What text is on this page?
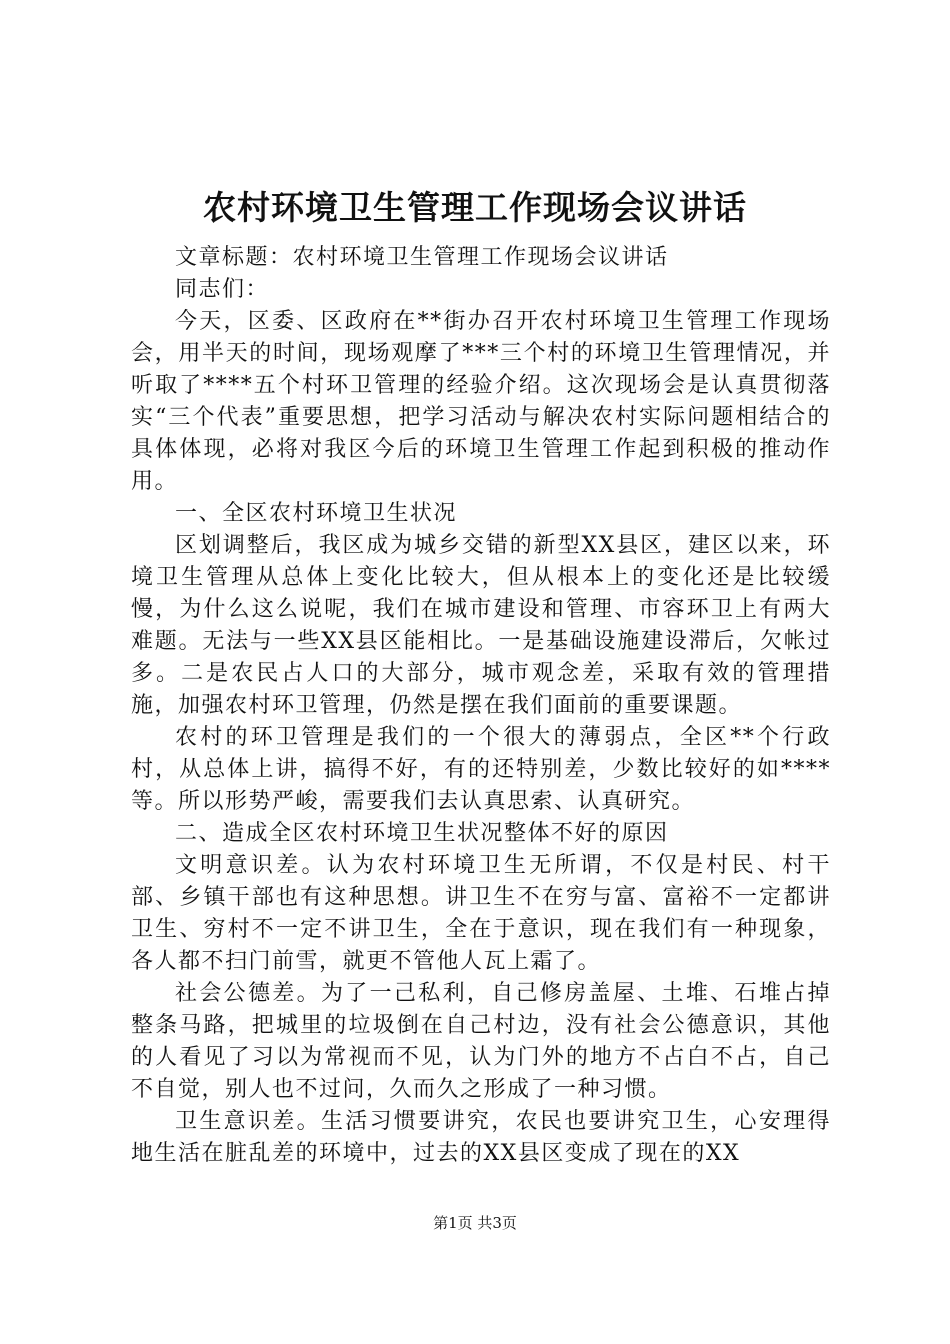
农村环境卫生管理工作现场会议讲话

文章标题：农村环境卫生管理工作现场会议讲话

同志们：

今天，区委、区政府在**街办召开农村环境卫生管理工作现场会，用半天的时间，现场观摩了***三个村的环境卫生管理情况，并听取了****五个村环卫管理的经验介绍。这次现场会是认真贯彻落实“三个代表”重要思想，把学习活动与解决农村实际问题相结合的具体体现，必将对我区今后的环境卫生管理工作起到积极的推动作用。

一、全区农村环境卫生状况

区划调整后，我区成为城乡交错的新型XX县区，建区以来，环境卫生管理从总体上变化比较大，但从根本上的变化还是比较缓慢，为什么这么说呢，我们在城市建设和管理、市容环卫上有两大难题。无法与一些XX县区能相比。一是基础设施建设滞后，欠帐过多。二是农民占人口的大部分，城市观念差，采取有效的管理措施，加强农村环卫管理，仍然是摆在我们面前的重要课题。

农村的环卫管理是我们的一个很大的薄弱点，全区**个行政村，从总体上讲，搞得不好，有的还特别差，少数比较好的如****等。所以形势严峻，需要我们去认真思索、认真研究。

二、造成全区农村环境卫生状况整体不好的原因

文明意识差。认为农村环境卫生无所谓，不仅是村民、村干部、乡镇干部也有这种思想。讲卫生不在穷与富、富裕不一定都讲卫生、穷村不一定不讲卫生，全在于意识，现在我们有一种现象，各人都不扫门前雪，就更不管他人瓦上霜了。

社会公德差。为了一己私利，自己修房盖屋、土堆、石堆占掉整条马路，把城里的垃圾倒在自己村边，没有社会公德意识，其他的人看见了习以为常视而不见，认为门外的地方不占白不占，自己不自觉，别人也不过问，久而久之形成了一种习惯。

卫生意识差。生活习惯要讲究，农民也要讲究卫生，心安理得地生活在脏乱差的环境中，过去的XX县区变成了现在的XX

第1页 共3页
